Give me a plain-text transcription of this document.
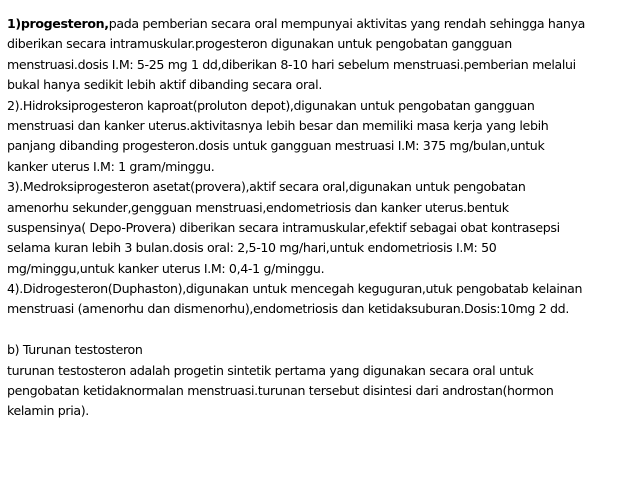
1)progesteron,pada pemberian secara oral mempunyai aktivitas yang rendah sehingga hanya
diberikan secara intramuskular.progesteron digunakan untuk pengobatan gangguan
menstruasi.dosis I.M: 5-25 mg 1 dd,diberikan 8-10 hari sebelum menstruasi.pemberian melalui
bukal hanya sedikit lebih aktif dibanding secara oral.
2).Hidroksiprogesteron kaproat(proluton depot),digunakan untuk pengobatan gangguan
menstruasi dan kanker uterus.aktivitasnya lebih besar dan memiliki masa kerja yang lebih
panjang dibanding progesteron.dosis untuk gangguan mestruasi I.M: 375 mg/bulan,untuk
kanker uterus I.M: 1 gram/minggu.
3).Medroksiprogesteron asetat(provera),aktif secara oral,digunakan untuk pengobatan
amenorhu sekunder,gengguan menstruasi,endometriosis dan kanker uterus.bentuk
suspensinya( Depo-Provera) diberikan secara intramuskular,efektif sebagai obat kontrasepsi
selama kuran lebih 3 bulan.dosis oral: 2,5-10 mg/hari,untuk endometriosis I.M: 50
mg/minggu,untuk kanker uterus I.M: 0,4-1 g/minggu.
4).Didrogesteron(Duphaston),digunakan untuk mencegah keguguran,utuk pengobatab kelainan
menstruasi (amenorhu dan dismenorhu),endometriosis dan ketidaksuburan.Dosis:10mg 2 dd.
b) Turunan testosteron
turunan testosteron adalah progetin sintetik pertama yang digunakan secara oral untuk
pengobatan ketidaknormalan menstruasi.turunan tersebut disintesi dari androstan(hormon
kelamin pria).
